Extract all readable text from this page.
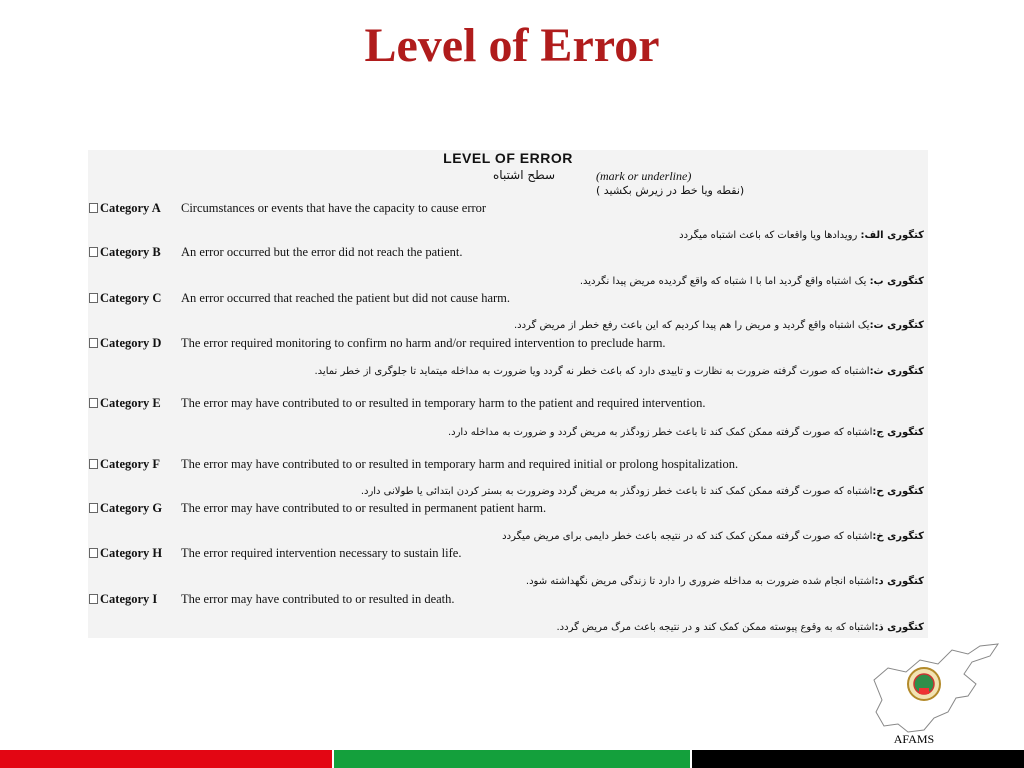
Level of Error
LEVEL OF ERROR
سطح اشتباه	(mark or underline)
(نقطه ویا خط در زیرش بکشید )
Category A Circumstances or events that have the capacity to cause error
کتگوری الف: رویدادها ویا واقعات که باعث اشتباه میگردد
Category B An error occurred but the error did not reach the patient.
کتگوری ب: یک اشتباه واقع گردید اما با ا شتباه که واقع گردیده مریض پیدا نگردید.
Category C An error occurred that reached the patient but did not cause harm.
کتگوری ت:یک اشتباه واقع گردید و مریض را هم پیدا کردیم که این باعث رفع خطر از مریض گردد.
Category D The error required monitoring to confirm no harm and/or required intervention to preclude harm.
کتگوری ث:اشتباه که صورت گرفته ضرورت به نظارت و تاییدی دارد که باعث خطر نه گردد ویا ضرورت به مداخله میتماید تا جلوگری از خطر نماید.
Category E The error may have contributed to or resulted in temporary harm to the patient and required intervention.
کتگوری ج:اشتباه که صورت گرفته ممکن کمک کند تا باعث خطر زودگذر به مریض گردد و ضرورت به مداخله دارد.
Category F The error may have contributed to or resulted in temporary harm and required initial or prolong hospitalization.
کتگوری ح:اشتباه که صورت گرفته ممکن کمک کند تا باعث خطر زودگذر به مریض گردد وضرورت به بستر کردن ابتدائی یا طولانی دارد.
Category G The error may have contributed to or resulted in permanent patient harm.
کتگوری خ:اشتباه که صورت گرفته ممکن کمک کند که در نتیجه باعث خطر دایمی برای مریض میگردد
Category H The error required intervention necessary to sustain life.
کتگوری د:اشتباه انجام شده ضرورت به مداخله ضروری را دارد تا زندگی مریض نگهداشته شود.
Category I The error may have contributed to or resulted in death.
کتگوری ذ:اشتباه که به وقوع پیوسته ممکن کمک کند و در نتیجه باعث مرگ مریض گردد.
AFAMS
